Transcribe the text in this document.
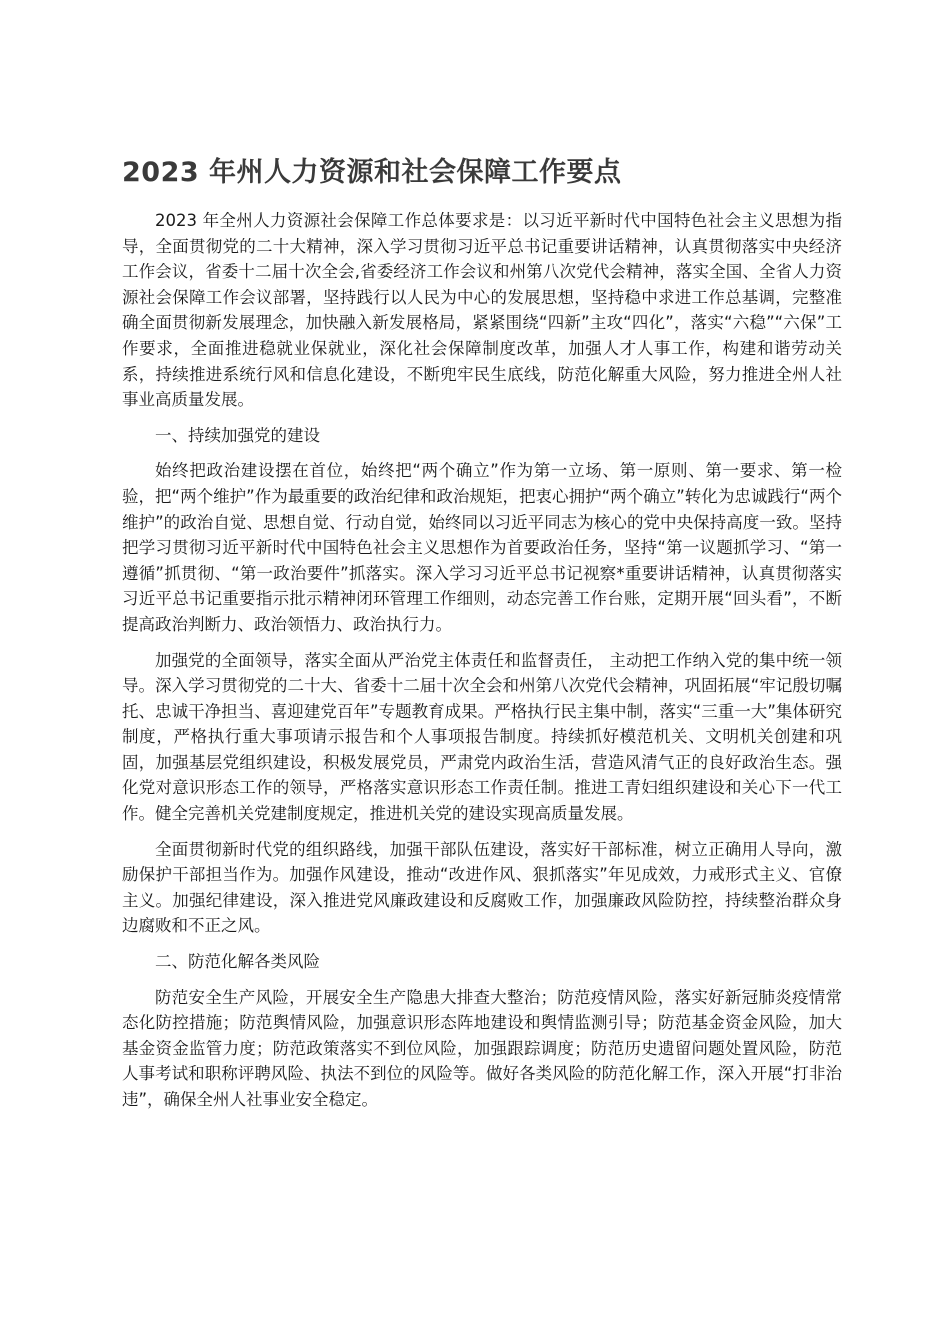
2023 年州人力资源和社会保障工作要点

2023 年全州人力资源社会保障工作总体要求是：以习近平新时代中国特色社会主义思想为指导，全面贯彻党的二十大精神，深入学习贯彻习近平总书记重要讲话精神，认真贯彻落实中央经济工作会议，省委十二届十次全会,省委经济工作会议和州第八次党代会精神，落实全国、全省人力资源社会保障工作会议部署，坚持践行以人民为中心的发展思想，坚持稳中求进工作总基调，完整准确全面贯彻新发展理念，加快融入新发展格局，紧紧围绕“四新”主攻“四化”，落实“六稳”“六保”工作要求，全面推进稳就业保就业，深化社会保障制度改革，加强人才人事工作，构建和谐劳动关系，持续推进系统行风和信息化建设，不断兜牢民生底线，防范化解重大风险，努力推进全州人社事业高质量发展。

一、持续加强党的建设

始终把政治建设摆在首位，始终把“两个确立”作为第一立场、第一原则、第一要求、第一检验，把“两个维护”作为最重要的政治纪律和政治规矩，把衷心拥护“两个确立”转化为忠诚践行“两个维护”的政治自觉、思想自觉、行动自觉，始终同以习近平同志为核心的党中央保持高度一致。坚持把学习贯彻习近平新时代中国特色社会主义思想作为首要政治任务，坚持“第一议题抓学习、“第一遵循”抓贯彻、“第一政治要件”抓落实。深入学习习近平总书记视察*重要讲话精神，认真贯彻落实习近平总书记重要指示批示精神闭环管理工作细则，动态完善工作台账，定期开展“回头看”，不断提高政治判断力、政治领悟力、政治执行力。

加强党的全面领导，落实全面从严治党主体责任和监督责任， 主动把工作纳入党的集中统一领导。深入学习贯彻党的二十大、省委十二届十次全会和州第八次党代会精神，巩固拓展“牢记殷切嘱托、忠诚干净担当、喜迎建党百年”专题教育成果。严格执行民主集中制，落实“三重一大”集体研究制度，严格执行重大事项请示报告和个人事项报告制度。持续抓好模范机关、文明机关创建和巩固，加强基层党组织建设，积极发展党员，严肃党内政治生活，营造风清气正的良好政治生态。强化党对意识形态工作的领导，严格落实意识形态工作责任制。推进工青妇组织建设和关心下一代工作。健全完善机关党建制度规定，推进机关党的建设实现高质量发展。

全面贯彻新时代党的组织路线，加强干部队伍建设，落实好干部标准，树立正确用人导向，激励保护干部担当作为。加强作风建设，推动“改进作风、狠抓落实”年见成效，力戒形式主义、官僚主义。加强纪律建设，深入推进党风廉政建设和反腐败工作，加强廉政风险防控，持续整治群众身边腐败和不正之风。

二、防范化解各类风险

防范安全生产风险，开展安全生产隐患大排查大整治；防范疫情风险，落实好新冠肺炎疫情常态化防控措施；防范舆情风险，加强意识形态阵地建设和舆情监测引导；防范基金资金风险，加大基金资金监管力度；防范政策落实不到位风险，加强跟踪调度；防范历史遗留问题处置风险，防范人事考试和职称评聘风险、执法不到位的风险等。做好各类风险的防范化解工作，深入开展“打非治违”，确保全州人社事业安全稳定。
